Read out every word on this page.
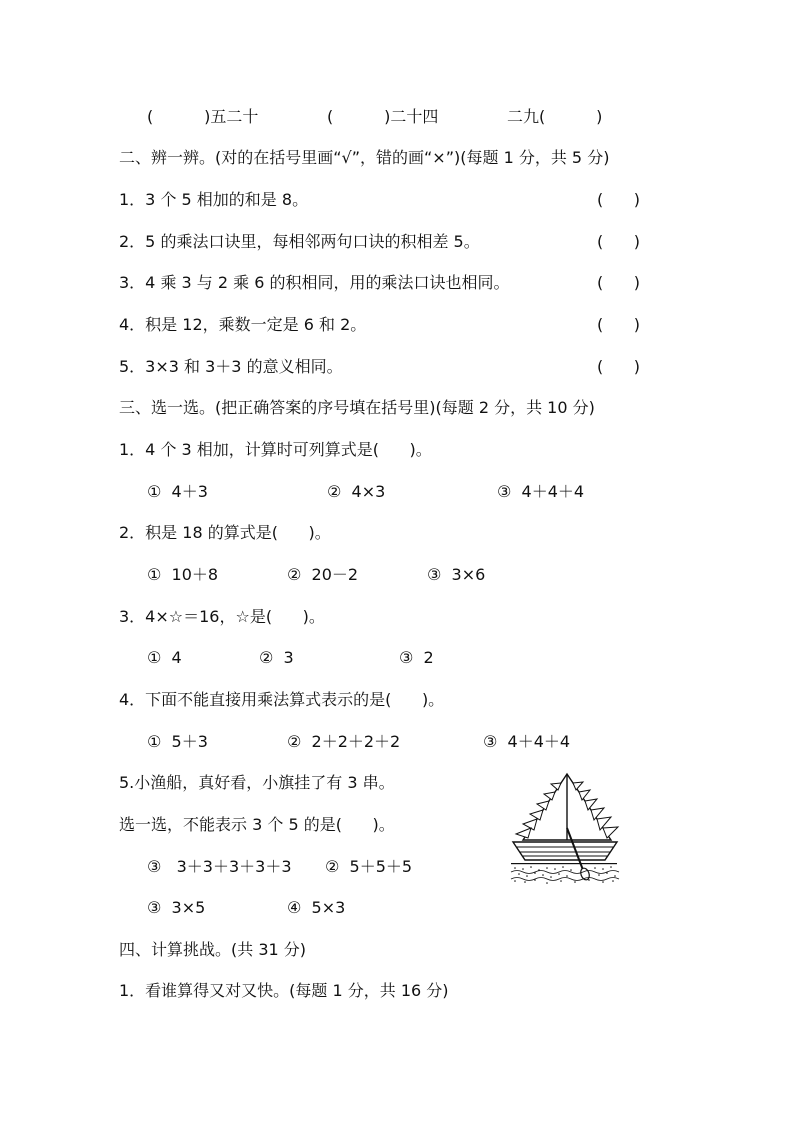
(          )五二十	(          )二十四	二九(          )
二、辨一辨。(对的在括号里画“√”，错的画“×”)(每题 1 分，共 5 分)
1．3 个 5 相加的和是 8。	(      )
2．5 的乘法口诀里，每相邻两句口诀的积相差 5。	(      )
3．4 乘 3 与 2 乘 6 的积相同，用的乘法口诀也相同。	(      )
4．积是 12，乘数一定是 6 和 2。	(      )
5．3×3 和 3＋3 的意义相同。	(      )
三、选一选。(把正确答案的序号填在括号里)(每题 2 分，共 10 分)
1．4 个 3 相加，计算时可列算式是(      )。
①  4＋3	②  4×3	③  4＋4＋4
2．积是 18 的算式是(      )。
①  10＋8	②  20－2	③  3×6
3．4×☆＝16，☆是(      )。
①  4	②  3	③  2
4．下面不能直接用乘法算式表示的是(      )。
①  5＋3	②  2＋2＋2＋2	③  4＋4＋4
5.小渔船，真好看，小旗挂了有 3 串。
选一选，不能表示 3 个 5 的是(      )。
③   3＋3＋3＋3＋3 ②  5＋5＋5
③  3×5	④  5×3
四、计算挑战。(共 31 分)
1．看谁算得又对又快。(每题 1 分，共 16 分)
